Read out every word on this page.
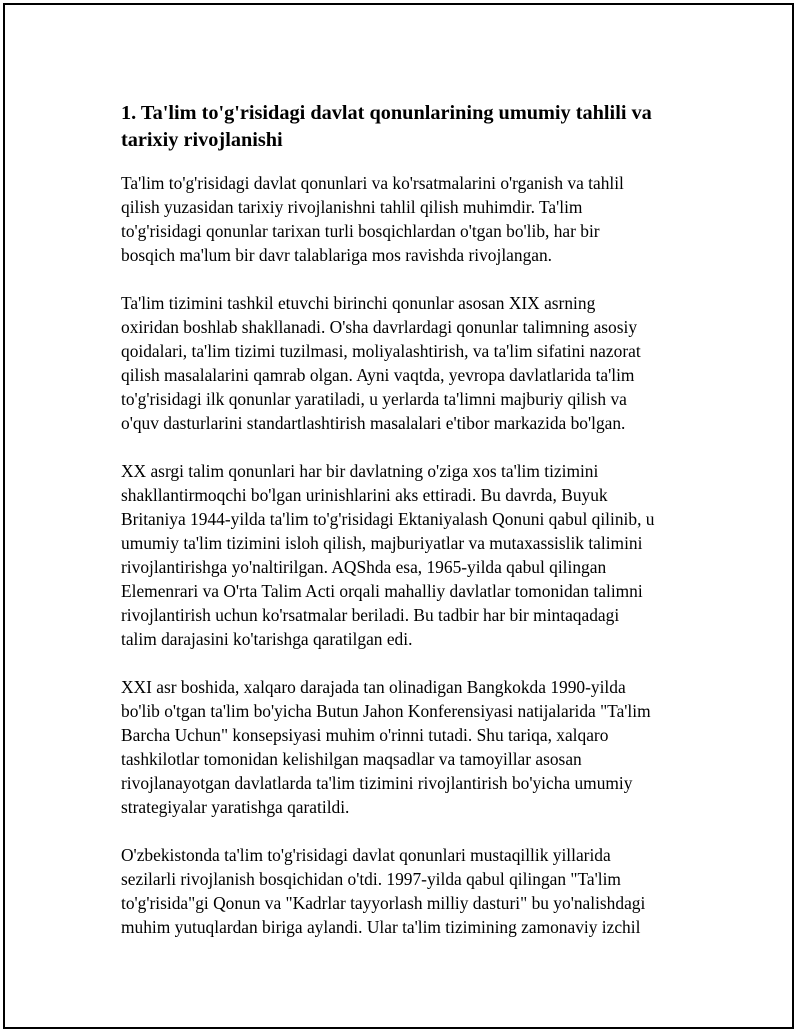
1. Ta'lim to'g'risidagi davlat qonunlarining umumiy tahlili va
tarixiy rivojlanishi

Ta'lim to'g'risidagi davlat qonunlari va ko'rsatmalarini o'rganish va tahlil
qilish yuzasidan tarixiy rivojlanishni tahlil qilish muhimdir. Ta'lim
to'g'risidagi qonunlar tarixan turli bosqichlardan o'tgan bo'lib, har bir
bosqich ma'lum bir davr talablariga mos ravishda rivojlangan.

Ta'lim tizimini tashkil etuvchi birinchi qonunlar asosan XIX asrning
oxiridan boshlab shakllanadi. O'sha davrlardagi qonunlar talimning asosiy
qoidalari, ta'lim tizimi tuzilmasi, moliyalashtirish, va ta'lim sifatini nazorat
qilish masalalarini qamrab olgan. Ayni vaqtda, yevropa davlatlarida ta'lim
to'g'risidagi ilk qonunlar yaratiladi, u yerlarda ta'limni majburiy qilish va
o'quv dasturlarini standartlashtirish masalalari e'tibor markazida bo'lgan.

XX asrgi talim qonunlari har bir davlatning o'ziga xos ta'lim tizimini
shakllantirmoqchi bo'lgan urinishlarini aks ettiradi. Bu davrda, Buyuk
Britaniya 1944-yilda ta'lim to'g'risidagi Ektaniyalash Qonuni qabul qilinib, u
umumiy ta'lim tizimini isloh qilish, majburiyatlar va mutaxassislik talimini
rivojlantirishga yo'naltirilgan. AQShda esa, 1965-yilda qabul qilingan
Elemenrari va O'rta Talim Acti orqali mahalliy davlatlar tomonidan talimni
rivojlantirish uchun ko'rsatmalar beriladi. Bu tadbir har bir mintaqadagi
talim darajasini ko'tarishga qaratilgan edi.

XXI asr boshida, xalqaro darajada tan olinadigan Bangkokda 1990-yilda
bo'lib o'tgan ta'lim bo'yicha Butun Jahon Konferensiyasi natijalarida "Ta'lim
Barcha Uchun" konsepsiyasi muhim o'rinni tutadi. Shu tariqa, xalqaro
tashkilotlar tomonidan kelishilgan maqsadlar va tamoyillar asosan
rivojlanayotgan davlatlarda ta'lim tizimini rivojlantirish bo'yicha umumiy
strategiyalar yaratishga qaratildi.

O'zbekistonda ta'lim to'g'risidagi davlat qonunlari mustaqillik yillarida
sezilarli rivojlanish bosqichidan o'tdi. 1997-yilda qabul qilingan "Ta'lim
to'g'risida"gi Qonun va "Kadrlar tayyorlash milliy dasturi" bu yo'nalishdagi
muhim yutuqlardan biriga aylandi. Ular ta'lim tizimining zamonaviy izchil
